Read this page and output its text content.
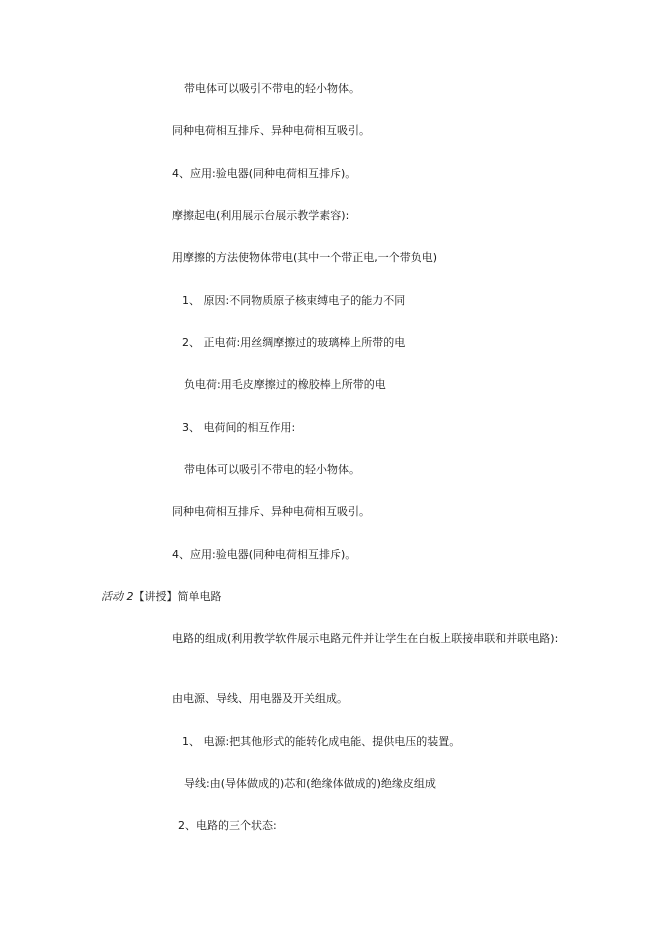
带电体可以吸引不带电的轻小物体。
同种电荷相互排斥、异种电荷相互吸引。
4、应用:验电器(同种电荷相互排斥)。
摩擦起电(利用展示台展示教学素容):
用摩擦的方法使物体带电(其中一个带正电,一个带负电)
1、 原因:不同物质原子核束缚电子的能力不同
2、 正电荷:用丝绸摩擦过的玻璃棒上所带的电
负电荷:用毛皮摩擦过的橡胶棒上所带的电
3、 电荷间的相互作用:
带电体可以吸引不带电的轻小物体。
同种电荷相互排斥、异种电荷相互吸引。
4、应用:验电器(同种电荷相互排斥)。
活动 2【讲授】简单电路
电路的组成(利用教学软件展示电路元件并让学生在白板上联接串联和并联电路):
由电源、导线、用电器及开关组成。
1、 电源:把其他形式的能转化成电能、提供电压的装置。
导线:由(导体做成的)芯和(绝缘体做成的)绝缘皮组成
2、电路的三个状态:
